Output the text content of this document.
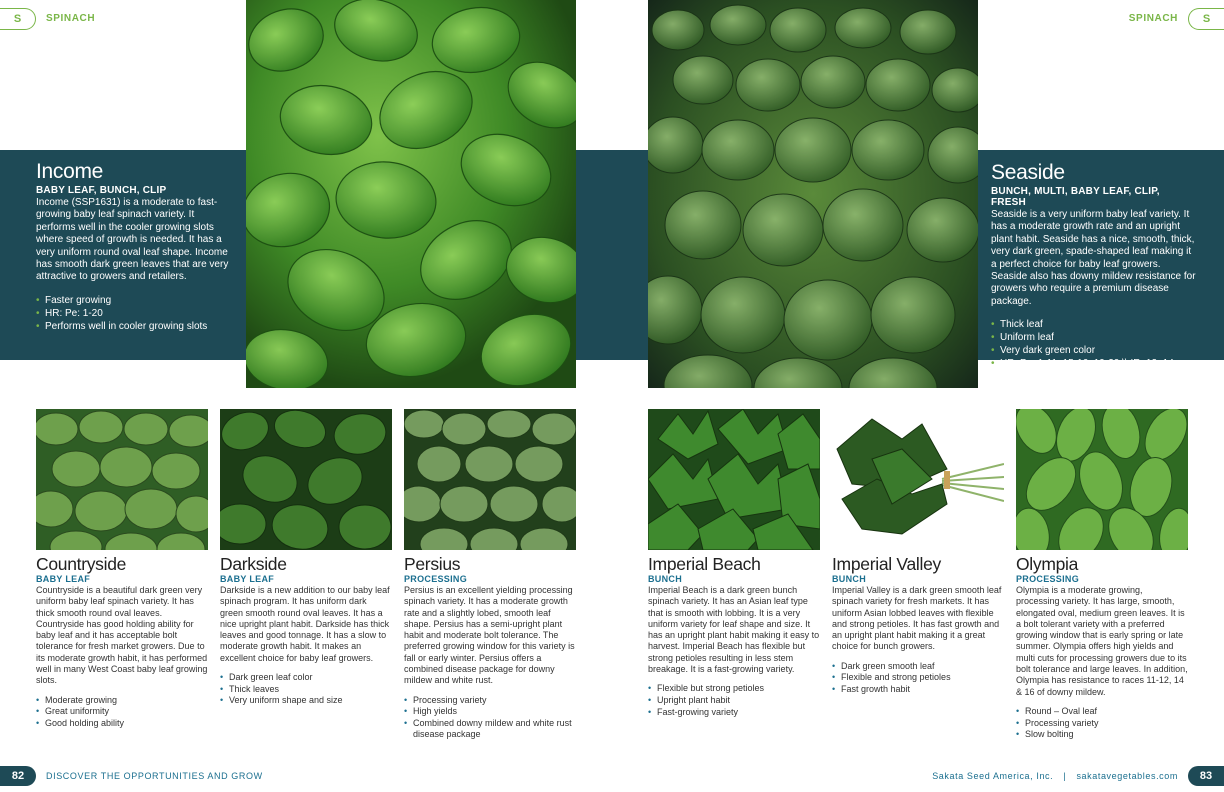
S	SPINACH	SPINACH	S
Income
BABY LEAF, BUNCH, CLIP
Income (SSP1631) is a moderate to fast-growing baby leaf spinach variety. It performs well in the cooler growing slots where speed of growth is needed. It has a very uniform round oval leaf shape. Income has smooth dark green leaves that are very attractive to growers and retailers.
• Faster growing
• HR: Pe: 1-20
• Performs well in cooler growing slots
Seaside
BUNCH, MULTI, BABY LEAF, CLIP, FRESH
Seaside is a very uniform baby leaf variety. It has a moderate growth rate and an upright plant habit. Seaside has a nice, smooth, thick, very dark green, spade-shaped leaf making it a perfect choice for baby leaf growers. Seaside also has downy mildew resistance for growers who require a premium disease package.
• Thick leaf
• Uniform leaf
• Very dark green color
• HR: Pe: 1-11, 15-16, 19-20 \\ IR: 12, 14
Countryside
BABY LEAF
Countryside is a beautiful dark green very uniform baby leaf spinach variety. It has thick smooth round oval leaves. Countryside has good holding ability for baby leaf and it has acceptable bolt tolerance for fresh market growers. Due to its moderate growth habit, it has performed well in many West Coast baby leaf growing slots.
• Moderate growing
• Great uniformity
• Good holding ability
Darkside
BABY LEAF
Darkside is a new addition to our baby leaf spinach program. It has uniform dark green smooth round oval leaves. It has a nice upright plant habit. Darkside has thick leaves and good tonnage. It has a slow to moderate growth habit. It makes an excellent choice for baby leaf growers.
• Dark green leaf color
• Thick leaves
• Very uniform shape and size
Persius
PROCESSING
Persius is an excellent yielding processing spinach variety. It has a moderate growth rate and a slightly lobed, smooth leaf shape. Persius has a semi-upright plant habit and moderate bolt tolerance. The preferred growing window for this variety is fall or early winter. Persius offers a combined disease package for downy mildew and white rust.
• Processing variety
• High yields
• Combined downy mildew and white rust disease package
Imperial Beach
BUNCH
Imperial Beach is a dark green bunch spinach variety. It has an Asian leaf type that is smooth with lobbing. It is a very uniform variety for leaf shape and size. It has an upright plant habit making it easy to harvest. Imperial Beach has flexible but strong petioles resulting in less stem breakage. It is a fast-growing variety.
• Flexible but strong petioles
• Upright plant habit
• Fast-growing variety
Imperial Valley
BUNCH
Imperial Valley is a dark green smooth leaf spinach variety for fresh markets. It has uniform Asian lobbed leaves with flexible and strong petioles. It has fast growth and an upright plant habit making it a great choice for bunch growers.
• Dark green smooth leaf
• Flexible and strong petioles
• Fast growth habit
Olympia
PROCESSING
Olympia is a moderate growing, processing variety. It has large, smooth, elongated oval, medium green leaves. It is a bolt tolerant variety with a preferred growing window that is early spring or late summer. Olympia offers high yields and multi cuts for processing growers due to its bolt tolerance and large leaves. In addition, Olympia has resistance to races 11-12, 14 & 16 of downy mildew.
• Round – Oval leaf
• Processing variety
• Slow bolting
82	DISCOVER THE OPPORTUNITIES AND GROW	Sakata Seed America, Inc. | sakatavegetables.com	83
